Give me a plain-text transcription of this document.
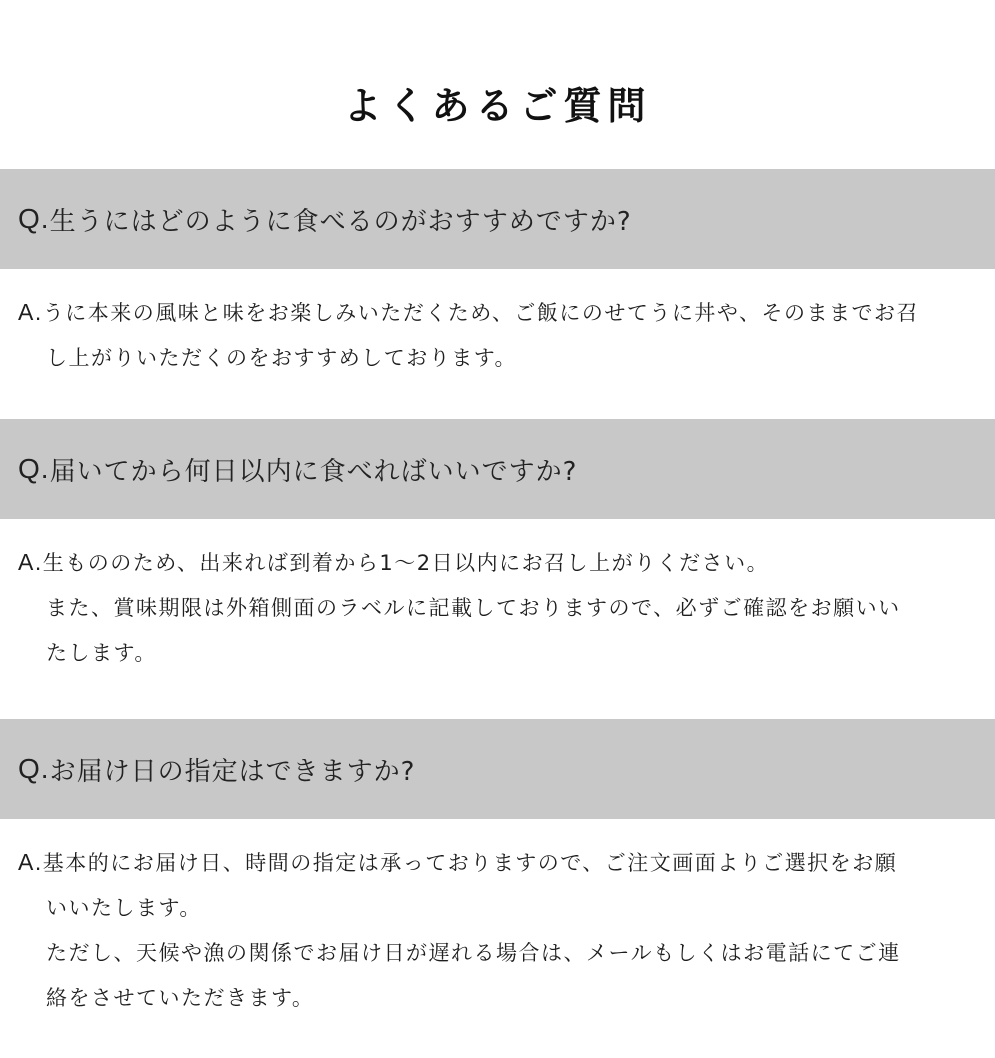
よくあるご質問
Q. 生うにはどのように食べるのがおすすめですか?
A.うに本来の風味と味をお楽しみいただくため、ご飯にのせてうに丼や、そのままでお召
し上がりいただくのをおすすめしております。
Q. 届いてから何日以内に食べればいいですか?
A.生もののため、出来れば到着から1～2日以内にお召し上がりください。
また、賞味期限は外箱側面のラベルに記載しておりますので、必ずご確認をお願いい
たします。
Q. お届け日の指定はできますか?
A.基本的にお届け日、時間の指定は承っておりますので、ご注文画面よりご選択をお願
いいたします。
ただし、天候や漁の関係でお届け日が遅れる場合は、メールもしくはお電話にてご連
絡をさせていただきます。
